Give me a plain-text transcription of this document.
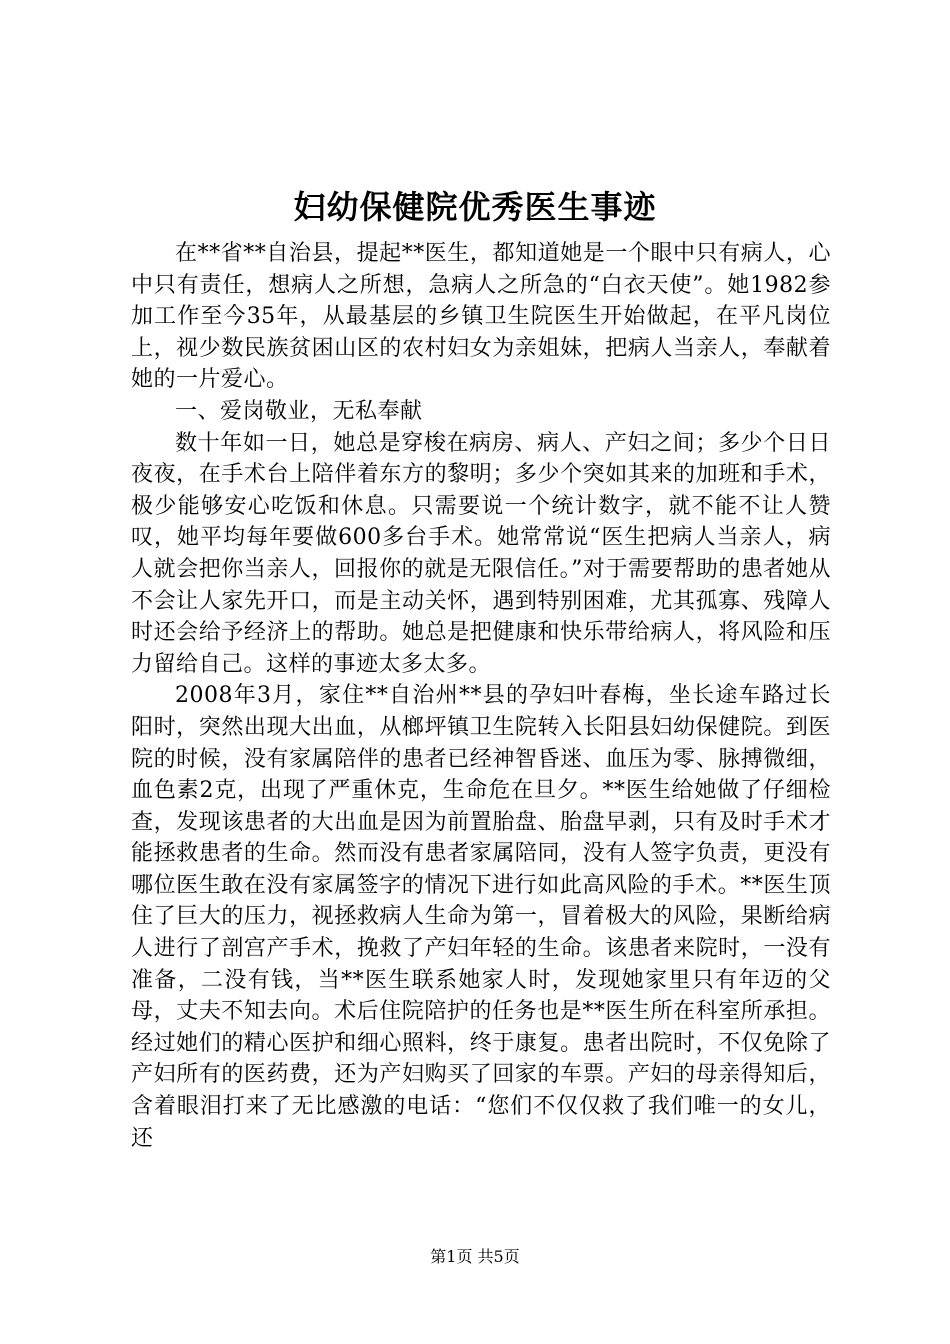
妇幼保健院优秀医生事迹

在**省**自治县，提起**医生，都知道她是一个眼中只有病人，心中只有责任，想病人之所想，急病人之所急的“白衣天使”。她1982参加工作至今35年，从最基层的乡镇卫生院医生开始做起，在平凡岗位上，视少数民族贫困山区的农村妇女为亲姐妹，把病人当亲人，奉献着她的一片爱心。

一、爱岗敬业，无私奉献

数十年如一日，她总是穿梭在病房、病人、产妇之间；多少个日日夜夜，在手术台上陪伴着东方的黎明；多少个突如其来的加班和手术，极少能够安心吃饭和休息。只需要说一个统计数字，就不能不让人赞叹，她平均每年要做600多台手术。她常常说“医生把病人当亲人，病人就会把你当亲人，回报你的就是无限信任。”对于需要帮助的患者她从不会让人家先开口，而是主动关怀，遇到特别困难，尤其孤寡、残障人时还会给予经济上的帮助。她总是把健康和快乐带给病人，将风险和压力留给自己。这样的事迹太多太多。

2008年3月，家住**自治州**县的孕妇叶春梅，坐长途车路过长阳时，突然出现大出血，从榔坪镇卫生院转入长阳县妇幼保健院。到医院的时候，没有家属陪伴的患者已经神智昏迷、血压为零、脉搏微细，血色素2克，出现了严重休克，生命危在旦夕。**医生给她做了仔细检查，发现该患者的大出血是因为前置胎盘、胎盘早剥，只有及时手术才能拯救患者的生命。然而没有患者家属陪同，没有人签字负责，更没有哪位医生敢在没有家属签字的情况下进行如此高风险的手术。**医生顶住了巨大的压力，视拯救病人生命为第一，冒着极大的风险，果断给病人进行了剖宫产手术，挽救了产妇年轻的生命。该患者来院时，一没有准备，二没有钱，当**医生联系她家人时，发现她家里只有年迈的父母，丈夫不知去向。术后住院陪护的任务也是**医生所在科室所承担。经过她们的精心医护和细心照料，终于康复。患者出院时，不仅免除了产妇所有的医药费，还为产妇购买了回家的车票。产妇的母亲得知后，含着眼泪打来了无比感激的电话：“您们不仅仅救了我们唯一的女儿，还

第1页 共5页
